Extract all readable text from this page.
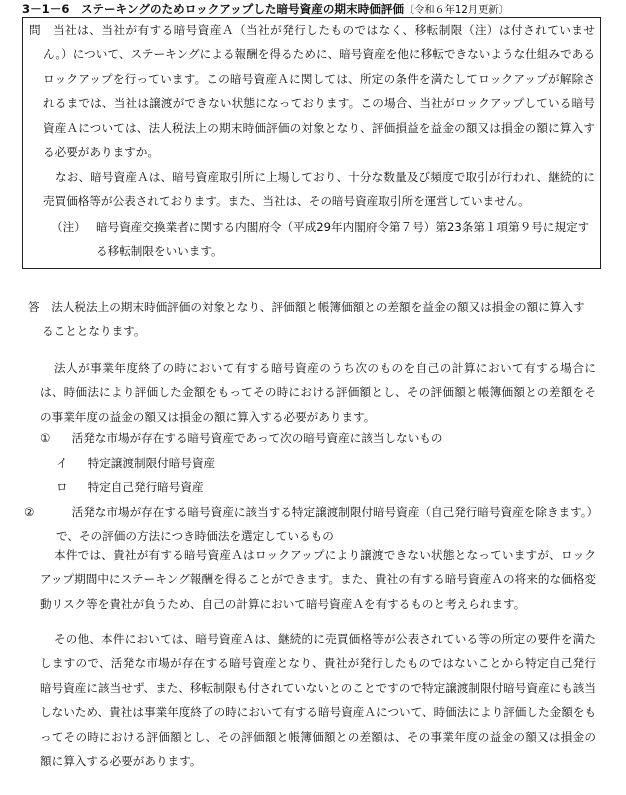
3－1－6　ステーキングのためロックアップした暗号資産の期末時価評価〔令和６年12月更新〕

問　 当社は、当社が有する暗号資産Ａ（当社が発行したものではなく、移転制限（注）は付されていません。）について、ステーキングによる報酬を得るために、暗号資産を他に移転できないような仕組みであるロックアップを行っています。この暗号資産Ａに関しては、所定の条件を満たしてロックアップが解除されるまでは、当社は譲渡ができない状態になっております。この場合、当社がロックアップしている暗号資産Ａについては、法人税法上の期末時価評価の対象となり、評価損益を益金の額又は損金の額に算入する必要がありますか。

なお、暗号資産Ａは、暗号資産取引所に上場しており、十分な数量及び頻度で取引が行われ、継続的に売買価格等が公表されております。また、当社は、その暗号資産取引所を運営していません。

（注） 暗号資産交換業者に関する内閣府令（平成29年内閣府令第７号）第23条第１項第９号に規定する移転制限をいいます。

答　 法人税法上の期末時価評価の対象となり、評価額と帳簿価額との差額を益金の額又は損金の額に算入することとなります。

法人が事業年度終了の時において有する暗号資産のうち次のものを自己の計算において有する場合には、時価法により評価した金額をもってその時における評価額とし、その評価額と帳簿価額との差額をその事業年度の益金の額又は損金の額に算入する必要があります。

①　 活発な市場が存在する暗号資産であって次の暗号資産に該当しないもの

イ　 特定譲渡制限付暗号資産

ロ　 特定自己発行暗号資産

②　	活発な市場が存在する暗号資産に該当する特定譲渡制限付暗号資産（自己発行暗号資産を除きます。）で、その評価の方法につき時価法を選定しているもの

本件では、貴社が有する暗号資産Ａはロックアップにより譲渡できない状態となっていますが、ロックアップ期間中にステーキング報酬を得ることができます。また、貴社の有する暗号資産Ａの将来的な価格変動リスク等を貴社が負うため、自己の計算において暗号資産Ａを有するものと考えられます。

その他、本件においては、暗号資産Ａは、継続的に売買価格等が公表されている等の所定の要件を満たしますので、活発な市場が存在する暗号資産となり、貴社が発行したものではないことから特定自己発行暗号資産に該当せず、また、移転制限も付されていないとのことですので特定譲渡制限付暗号資産にも該当しないため、貴社は事業年度終了の時において有する暗号資産Ａについて、時価法により評価した金額をもってその時における評価額とし、その評価額と帳簿価額との差額は、その事業年度の益金の額又は損金の額に算入する必要があります。
